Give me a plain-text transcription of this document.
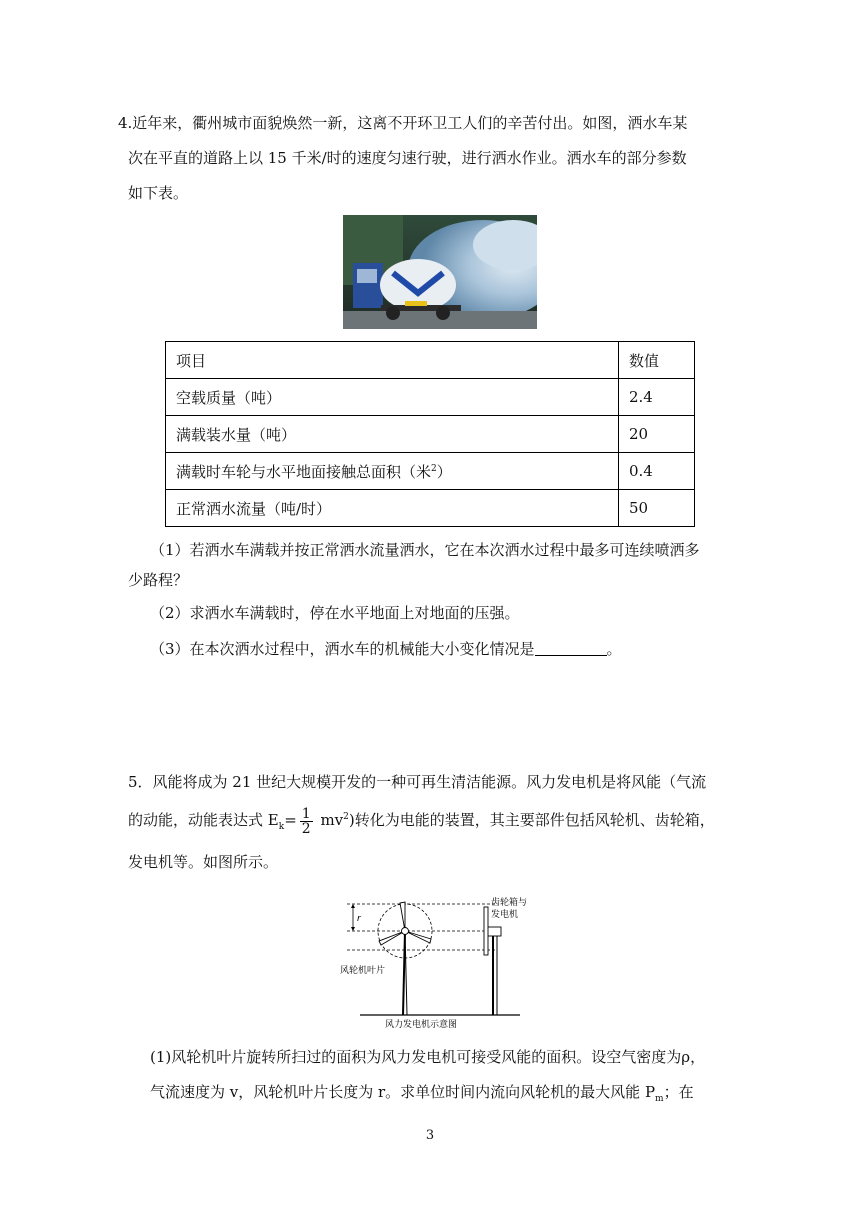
4.近年来，衢州城市面貌焕然一新，这离不开环卫工人们的辛苦付出。如图，洒水车某
次在平直的道路上以 15 千米/时的速度匀速行驶，进行洒水作业。洒水车的部分参数
如下表。
项目	数值
空载质量（吨）	2.4
满载装水量（吨）	20
满载时车轮与水平地面接触总面积（米$^2$）	0.4
正常洒水流量（吨/时）	50
（1）若洒水车满载并按正常洒水流量洒水，它在本次洒水过程中最多可连续喷洒多
少路程？
（2）求洒水车满载时，停在水平地面上对地面的压强。
（3）在本次洒水过程中，洒水车的机械能大小变化情况是	。
5．风能将成为 21 世纪大规模开发的一种可再生清洁能源。风力发电机是将风能（气流
的动能，动能表达式 $E_k= \frac{1}{2} mv^2$)转化为电能的装置，其主要部件包括风轮机、齿轮箱，
发电机等。如图所示。
r
齿轮箱与
发电机
风轮机叶片
风力发电机示意图
(1)风轮机叶片旋转所扫过的面积为风力发电机可接受风能的面积。设空气密度为ρ，
气流速度为 v，风轮机叶片长度为 r。求单位时间内流向风轮机的最大风能 $P_m$；在
3
